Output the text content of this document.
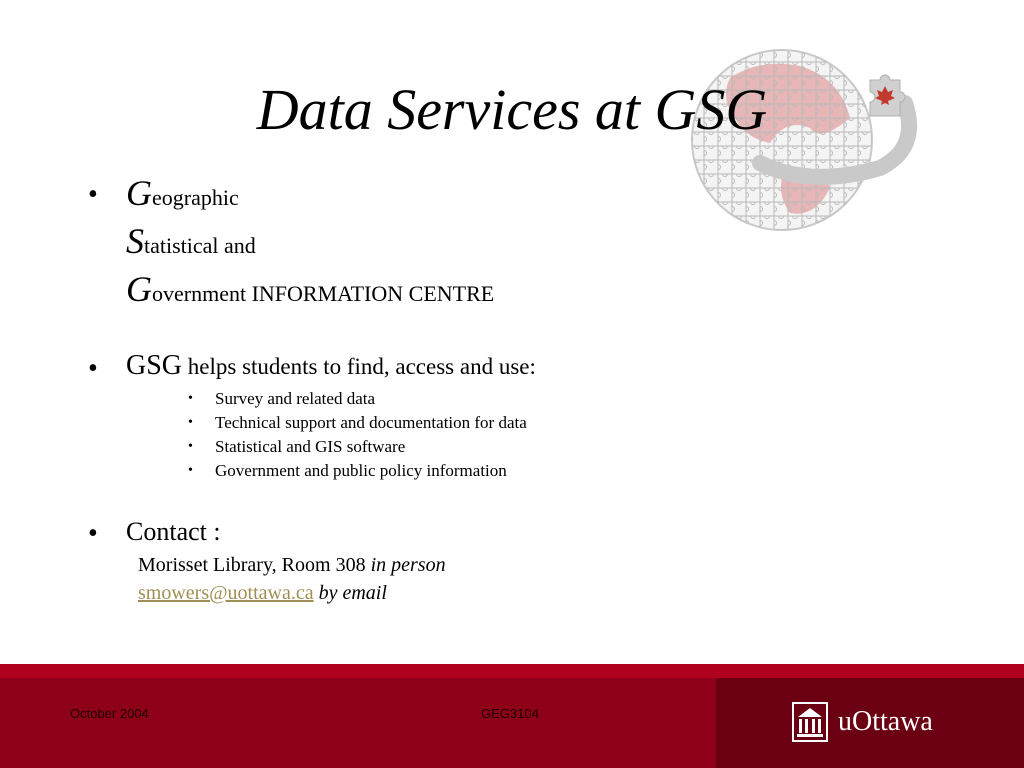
Data Services at GSG
• G eographic
S tatistical and
G overnment INFORMATION CENTRE
• GSG helps students to find, access and use:
•	Survey and related data
•	Technical support and documentation for data
•	Statistical and GIS software
•	Government and public policy information
• Contact :
Morisset Library, Room 308 in person
smowers@uottawa.ca by email
October 2004	GEG3104	uOttawa
